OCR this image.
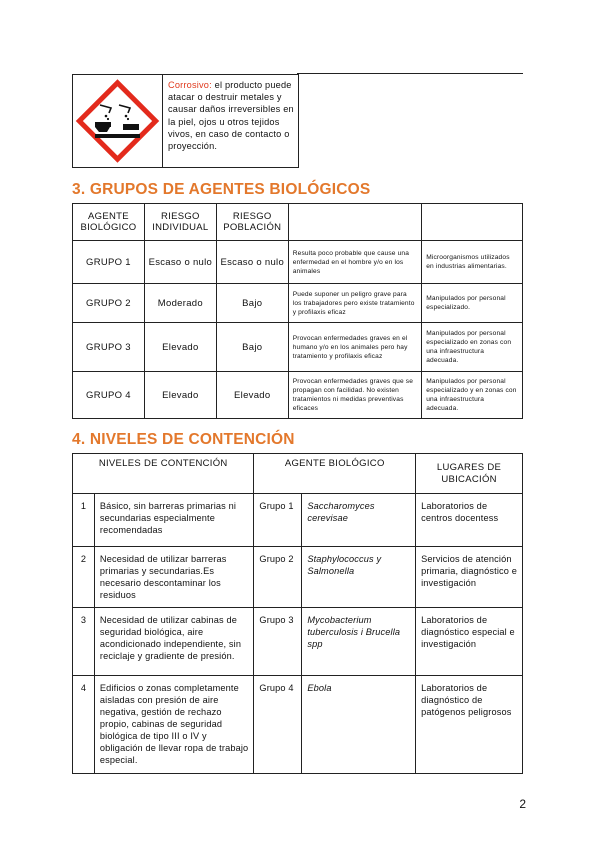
Corrosivo: el producto puede atacar o destruir metales y causar daños irreversibles en la piel, ojos u otros tejidos vivos, en caso de contacto o proyección.
3. GRUPOS DE AGENTES BIOLÓGICOS
AGENTE BIOLÓGICO	RIESGO INDIVIDUAL	RIESGO POBLACIÓN		
GRUPO 1	Escaso o nulo	Escaso o nulo	Resulta poco probable que cause una enfermedad en el hombre y/o en los animales	Microorganismos utilizados en industrias alimentarias.
GRUPO 2	Moderado	Bajo	Puede suponer un peligro grave para los trabajadores pero existe tratamiento y profilaxis eficaz	Manipulados por personal especializado.
GRUPO 3	Elevado	Bajo	Provocan enfermedades graves en el humano y/o en los animales pero hay tratamiento y profilaxis eficaz	Manipulados por personal especializado en zonas con una infraestructura adecuada.
GRUPO 4	Elevado	Elevado	Provocan enfermedades graves que se propagan con facilidad. No existen tratamientos ni medidas preventivas eficaces	Manipulados por personal especializado y en zonas con una infraestructura adecuada.
4. NIVELES DE CONTENCIÓN
NIVELES DE CONTENCIÓN		AGENTE BIOLÓGICO		LUGARES DE UBICACIÓN
1	Básico, sin barreras primarias ni secundarias especialmente recomendadas	Grupo 1	Saccharomyces cerevisae	Laboratorios de centros docentess
2	Necesidad de utilizar barreras primarias y secundarias.Es necesario descontaminar los residuos	Grupo 2	Staphylococcus y Salmonella	Servicios de atención primaria, diagnóstico e investigación
3	Necesidad de utilizar cabinas de seguridad biológica, aire acondicionado independiente, sin reciclaje y gradiente de presión.	Grupo 3	Mycobacterium tuberculosis i Brucella spp	Laboratorios de diagnóstico especial e investigación
4	Edificios o zonas completamente aisladas con presión de aire negativa, gestión de rechazo propio, cabinas de seguridad biológica de tipo III o IV y obligación de llevar ropa de trabajo especial.	Grupo 4	Ebola	Laboratorios de diagnóstico de patógenos peligrosos
2
